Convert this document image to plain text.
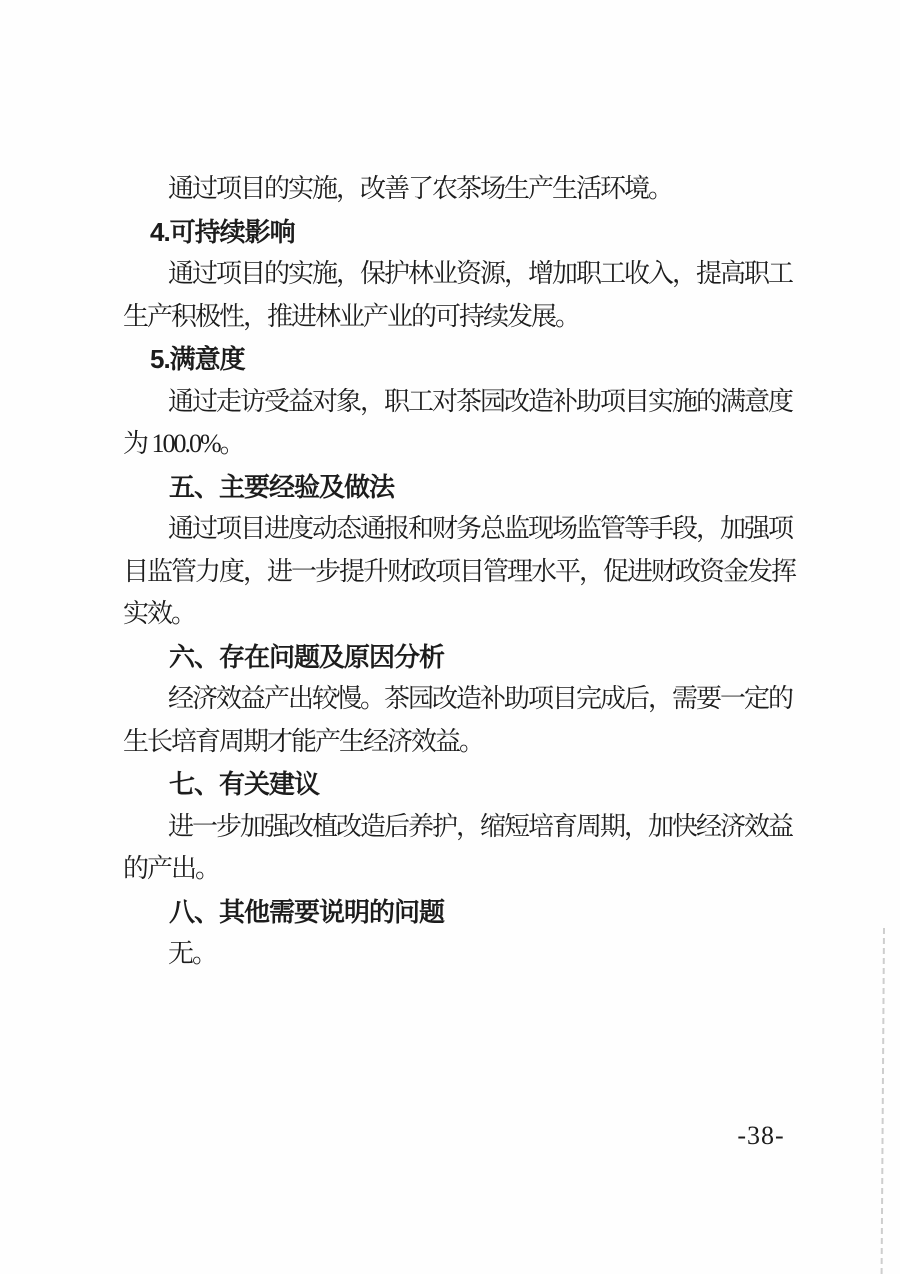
通过项目的实施，改善了农茶场生产生活环境。
4.可持续影响
通过项目的实施，保护林业资源，增加职工收入，提高职工
生产积极性，推进林业产业的可持续发展。
5.满意度
通过走访受益对象，职工对茶园改造补助项目实施的满意度
为 100.0%。
五、主要经验及做法
通过项目进度动态通报和财务总监现场监管等手段，加强项
目监管力度，进一步提升财政项目管理水平，促进财政资金发挥
实效。
六、存在问题及原因分析
经济效益产出较慢。茶园改造补助项目完成后，需要一定的
生长培育周期才能产生经济效益。
七、有关建议
进一步加强改植改造后养护，缩短培育周期，加快经济效益
的产出。
八、其他需要说明的问题
无。
-38-
